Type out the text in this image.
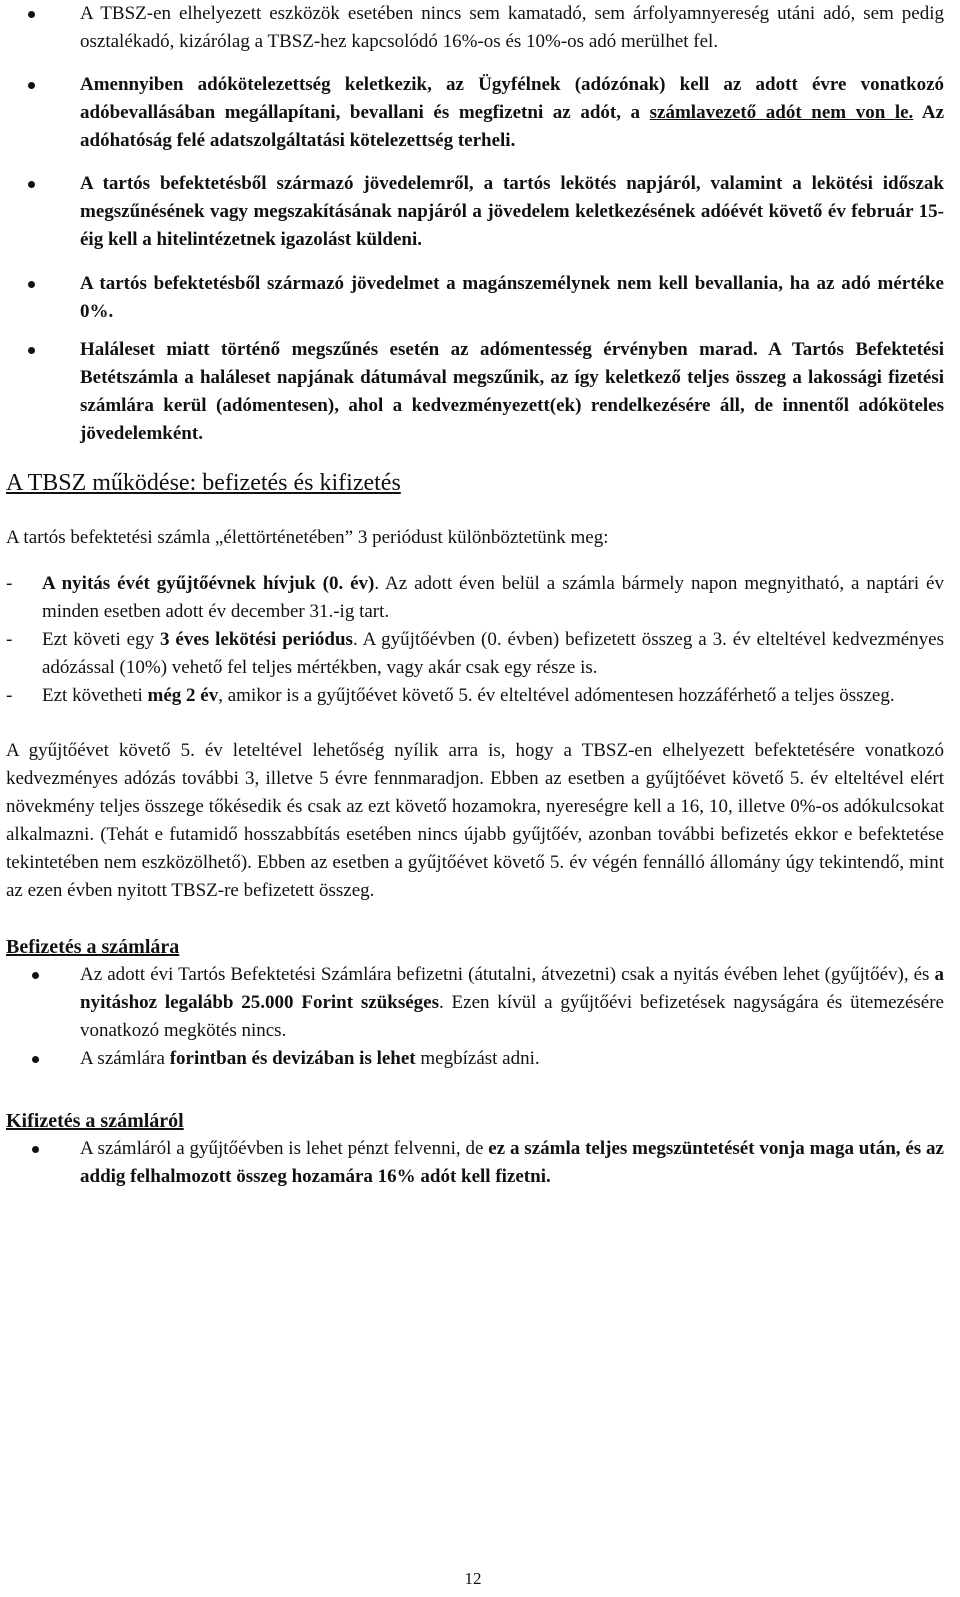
A TBSZ-en elhelyezett eszközök esetében nincs sem kamatadó, sem árfolyamnyereség utáni adó, sem pedig osztalékadó, kizárólag a TBSZ-hez kapcsolódó 16%-os és 10%-os adó merülhet fel.
Amennyiben adókötelezettség keletkezik, az Ügyfélnek (adózónak) kell az adott évre vonatkozó adóbevallásában megállapítani, bevallani és megfizetni az adót, a számlavezető adót nem von le. Az adóhatóság felé adatszolgáltatási kötelezettség terheli.
A tartós befektetésből származó jövedelemről, a tartós lekötés napjáról, valamint a lekötési időszak megszűnésének vagy megszakításának napjáról a jövedelem keletkezésének adóévét követő év február 15-éig kell a hitelintézetnek igazolást küldeni.
A tartós befektetésből származó jövedelmet a magánszemélynek nem kell bevallania, ha az adó mértéke 0%.
Haláleset miatt történő megszűnés esetén az adómentesség érvényben marad. A Tartós Befektetési Betétszámla a haláleset napjának dátumával megszűnik, az így keletkező teljes összeg a lakossági fizetési számlára kerül (adómentesen), ahol a kedvezményezett(ek) rendelkezésére áll, de innentől adóköteles jövedelemként.
A TBSZ működése: befizetés és kifizetés
A tartós befektetési számla „élettörténetében” 3 periódust különböztetünk meg:
- A nyitás évét gyűjtőévnek hívjuk (0. év). Az adott éven belül a számla bármely napon megnyitható, a naptári év minden esetben adott év december 31.-ig tart.
- Ezt követi egy 3 éves lekötési periódus. A gyűjtőévben (0. évben) befizetett összeg a 3. év elteltével kedvezményes adózással (10%) vehető fel teljes mértékben, vagy akár csak egy része is.
- Ezt követheti még 2 év, amikor is a gyűjtőévet követő 5. év elteltével adómentesen hozzáférhető a teljes összeg.
A gyűjtőévet követő 5. év leteltével lehetőség nyílik arra is, hogy a TBSZ-en elhelyezett befektetésére vonatkozó kedvezményes adózás további 3, illetve 5 évre fennmaradjon. Ebben az esetben a gyűjtőévet követő 5. év elteltével elért növekmény teljes összege tőkésedik és csak az ezt követő hozamokra, nyereségre kell a 16, 10, illetve 0%-os adókulcsokat alkalmazni. (Tehát e futamidő hosszabbítás esetében nincs újabb gyűjtőév, azonban további befizetés ekkor e befektetése tekintetében nem eszközölhető). Ebben az esetben a gyűjtőévet követő 5. év végén fennálló állomány úgy tekintendő, mint az ezen évben nyitott TBSZ-re befizetett összeg.
Befizetés a számlára
Az adott évi Tartós Befektetési Számlára befizetni (átutalni, átvezetni) csak a nyitás évében lehet (gyűjtőév), és a nyitáshoz legalább 25.000 Forint szükséges. Ezen kívül a gyűjtőévi befizetések nagyságára és ütemezésére vonatkozó megkötés nincs.
A számlára forintban és devizában is lehet megbízást adni.
Kifizetés a számláról
A számláról a gyűjtőévben is lehet pénzt felvenni, de ez a számla teljes megszüntetését vonja maga után, és az addig felhalmozott összeg hozamára 16% adót kell fizetni.
12
